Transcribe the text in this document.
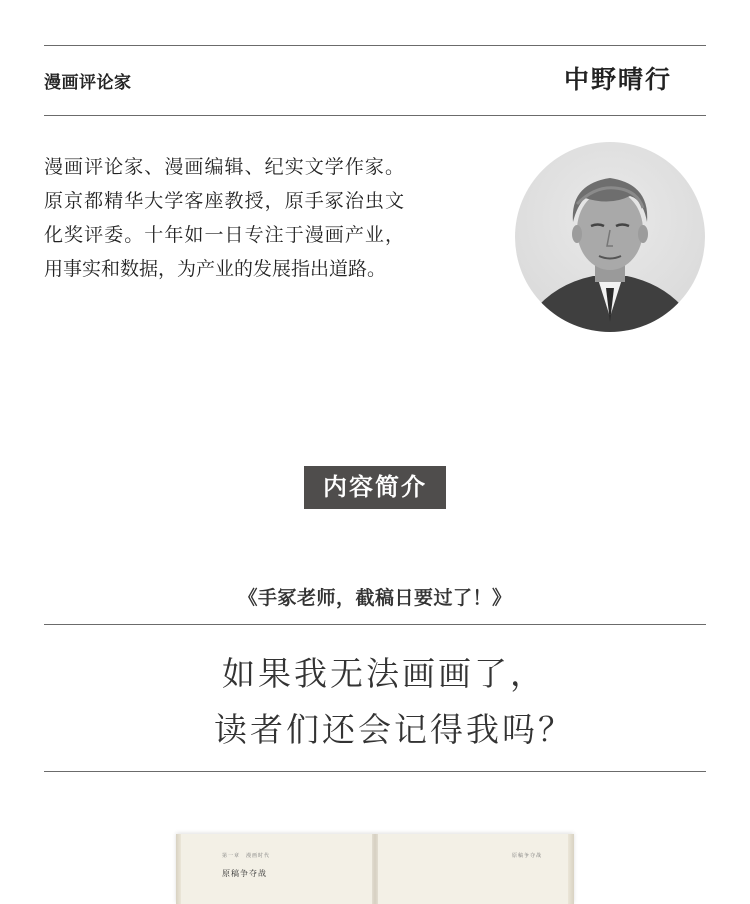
漫画评论家	中野晴行

漫画评论家、漫画编辑、纪实文学作家。原京都精华大学客座教授，原手冢治虫文化奖评委。十年如一日专注于漫画产业，用事实和数据，为产业的发展指出道路。

内容简介
《手冢老师，截稿日要过了！》
如果我无法画画了，
读者们还会记得我吗？
第一章　漫画时代
原稿争夺战
原稿争夺战
